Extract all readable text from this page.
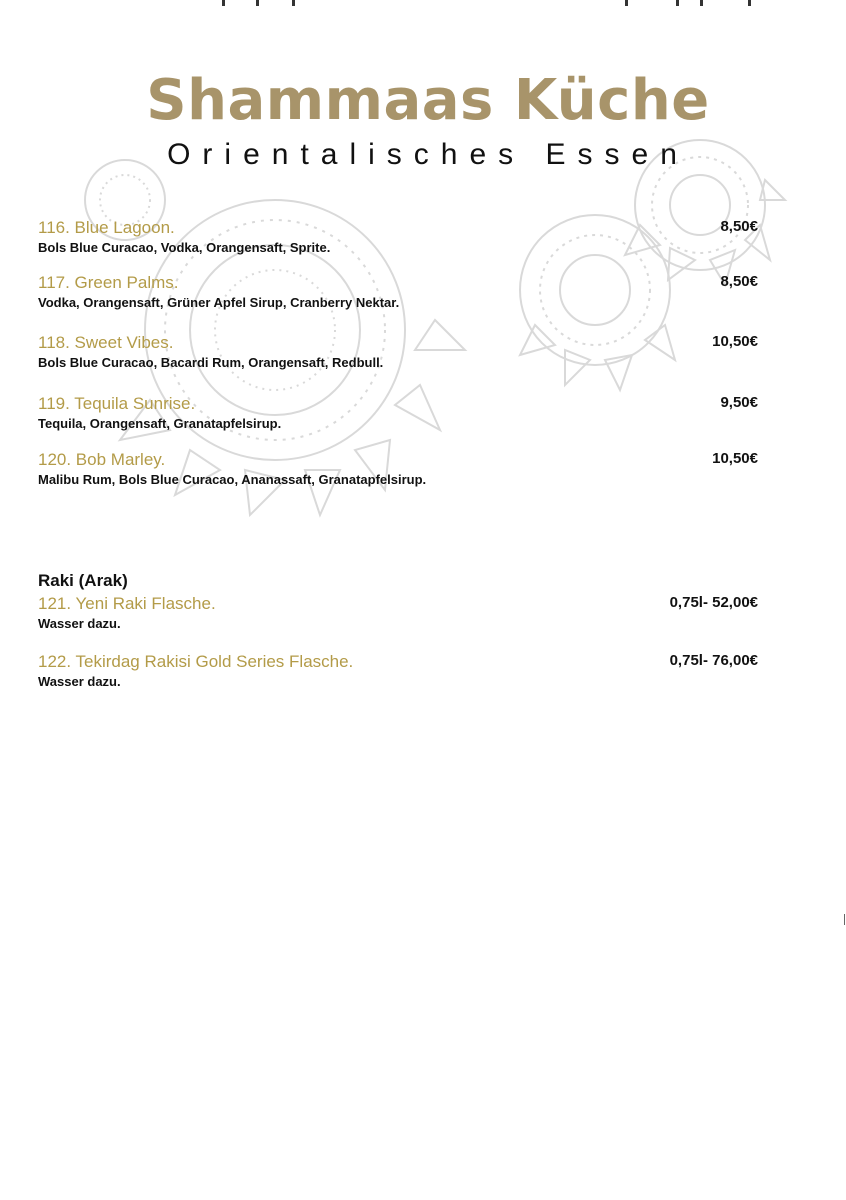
Shammaas Küche
Orientalisches Essen
116. Blue Lagoon.
Bols Blue Curacao, Vodka, Orangensaft, Sprite.
8,50€
117. Green Palms.
Vodka, Orangensaft, Grüner Apfel Sirup, Cranberry Nektar.
8,50€
118. Sweet Vibes.
Bols Blue Curacao, Bacardi Rum, Orangensaft, Redbull.
10,50€
119. Tequila Sunrise.
Tequila, Orangensaft, Granatapfelsirup.
9,50€
120. Bob Marley.
Malibu Rum, Bols Blue Curacao, Ananassaft, Granatapfelsirup.
10,50€
Raki (Arak)
121. Yeni Raki Flasche.
Wasser dazu.
0,75l- 52,00€
122. Tekirdag Rakisi Gold Series Flasche.
Wasser dazu.
0,75l- 76,00€
